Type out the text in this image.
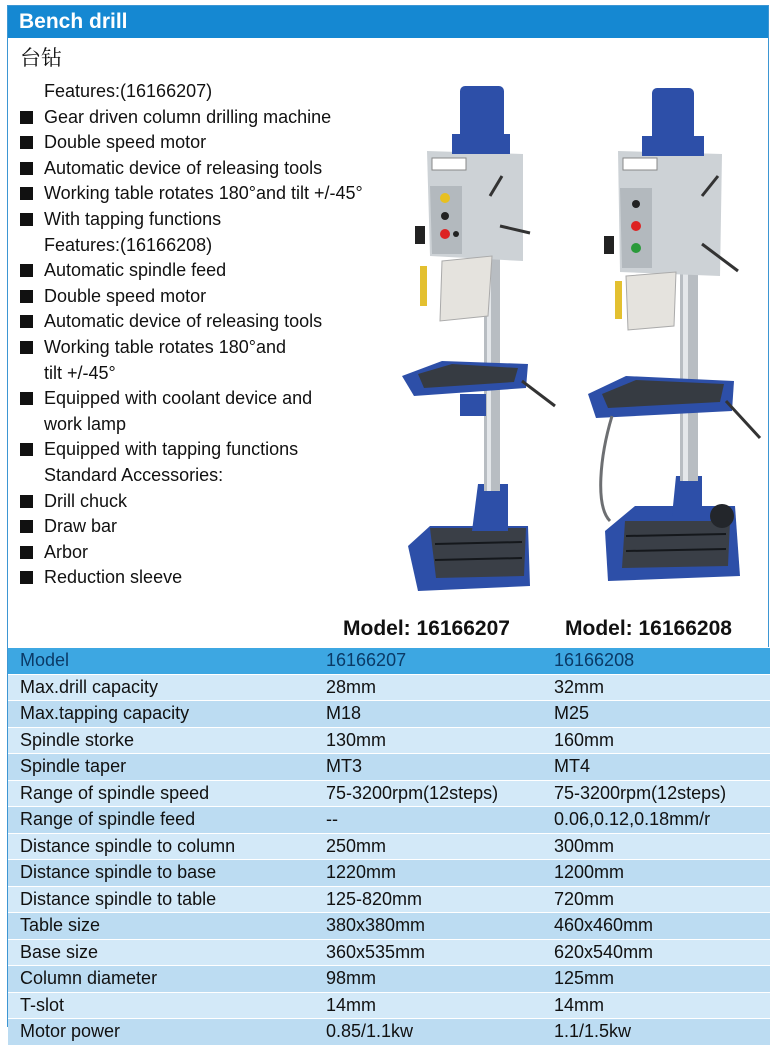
Bench drill
台钻
Features:(16166207)
Gear driven column drilling machine
Double speed motor
Automatic device of releasing tools
Working table rotates 180°and tilt +/-45°
With tapping functions
Features:(16166208)
Automatic spindle feed
Double speed motor
Automatic device of releasing tools
Working table rotates 180°and
tilt +/-45°
Equipped with coolant device and
work lamp
Equipped with tapping functions
Standard Accessories:
Drill chuck
Draw bar
Arbor
Reduction sleeve
Model: 16166207	Model: 16166208
Model	16166207	16166208
Max.drill capacity	28mm	32mm
Max.tapping capacity	M18	M25
Spindle storke	130mm	160mm
Spindle taper	MT3	MT4
Range of spindle speed	75-3200rpm(12steps)	75-3200rpm(12steps)
Range of spindle feed	--	0.06,0.12,0.18mm/r
Distance spindle to column	250mm	300mm
Distance spindle to base	1220mm	1200mm
Distance spindle to table	125-820mm	720mm
Table size	380x380mm	460x460mm
Base size	360x535mm	620x540mm
Column diameter	98mm	125mm
T-slot	14mm	14mm
Motor power	0.85/1.1kw	1.1/1.5kw
